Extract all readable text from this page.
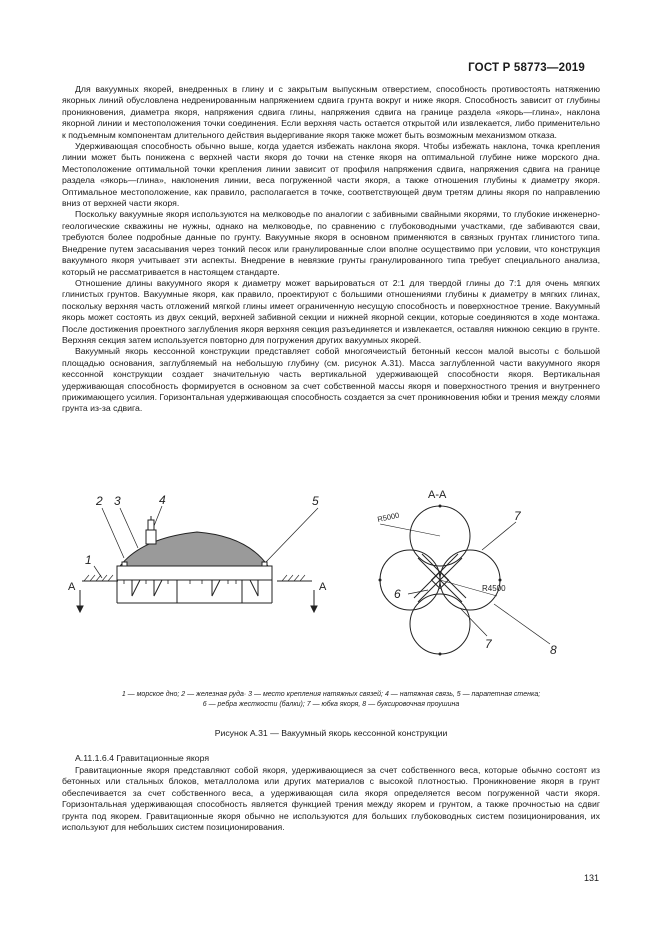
ГОСТ Р 58773—2019

Для вакуумных якорей, внедренных в глину и с закрытым выпускным отверстием, способность противостоять натяжению якорных линий обусловлена недренированным напряжением сдвига грунта вокруг и ниже якоря. Способность зависит от глубины проникновения, диаметра якоря, напряжения сдвига глины, напряжения сдвига на границе раздела «якорь—глина», наклона якорной линии и местоположения точки соединения. Если верхняя часть остается открытой или извлекается, либо применительно к подъемным компонентам длительного действия выдергивание якоря также может быть возможным механизмом отказа.

Удерживающая способность обычно выше, когда удается избежать наклона якоря. Чтобы избежать наклона, точка крепления линии может быть понижена с верхней части якоря до точки на стенке якоря на оптимальной глубине ниже морского дна. Местоположение оптимальной точки крепления линии зависит от профиля напряжения сдвига, напряжения сдвига на границе раздела «якорь—глина», наклонения линии, веса погруженной части якоря, а также отношения глубины к диаметру якоря. Оптимальное местоположение, как правило, располагается в точке, соответствующей двум третям длины якоря по направлению вниз от верхней части якоря.

Поскольку вакуумные якоря используются на мелководье по аналогии с забивными свайными якорями, то глубокие инженерно-геологические скважины не нужны, однако на мелководье, по сравнению с глубоководными участками, где забиваются сваи, требуются более подробные данные по грунту. Вакуумные якоря в основном применяются в связных грунтах глинистого типа. Внедрение путем засасывания через тонкий песок или гранулированные слои вполне осуществимо при условии, что конструкция вакуумного якоря учитывает эти аспекты. Внедрение в невязкие грунты гранулированного типа требует специального анализа, который не рассматривается в настоящем стандарте.

Отношение длины вакуумного якоря к диаметру может варьироваться от 2:1 для твердой глины до 7:1 для очень мягких глинистых грунтов. Вакуумные якоря, как правило, проектируют с большими отношениями глубины к диаметру в мягких глинах, поскольку верхняя часть отложений мягкой глины имеет ограниченную несущую способность и поверхностное трение. Вакуумный якорь может состоять из двух секций, верхней забивной секции и нижней якорной секции, которые соединяются в ходе монтажа. После достижения проектного заглубления якоря верхняя секция разъединяется и извлекается, оставляя нижнюю секцию в грунте. Верхняя секция затем используется повторно для погружения других вакуумных якорей.

Вакуумный якорь кессонной конструкции представляет собой многоячеистый бетонный кессон малой высоты с большой площадью основания, заглубляемый на небольшую глубину (см. рисунок А.31). Масса заглубленной части вакуумного якоря кессонной конструкции создает значительную часть вертикальной удерживающей способности якоря. Вертикальная удерживающая способность формируется в основном за счет собственной массы якоря и поверхностного трения и внутреннего прижимающего усилия. Горизонтальная удерживающая способность создается за счет проникновения юбки и трения между слоями грунта из-за сдвига.

2 3	4	5
1
А	А
А-А
R5000
R4500
7
6
7	8
1 — морское дно; 2 — железная руда· 3 — место крепления натяжных связей; 4 — натяжная связь, 5 — парапетная стенка;
6 — ребра жесткости (балки); 7 — юбка якоря, 8 — буксировочная проушина
Рисунок А.31 — Вакуумный якорь кессонной конструкции
А.11.1.6.4 Гравитационные якоря

Гравитационные якоря представляют собой якоря, удерживающиеся за счет собственного веса, которые обычно состоят из бетонных или стальных блоков, металлолома или других материалов с высокой плотностью. Проникновение якоря в грунт обеспечивается за счет собственного веса, а удерживающая сила якоря определяется весом погруженной части якоря. Горизонтальная удерживающая способность является функцией трения между якорем и грунтом, а также прочностью на сдвиг грунта под якорем. Гравитационные якоря обычно не используются для больших глубоководных систем позиционирования, их используют для небольших систем позиционирования.

131
